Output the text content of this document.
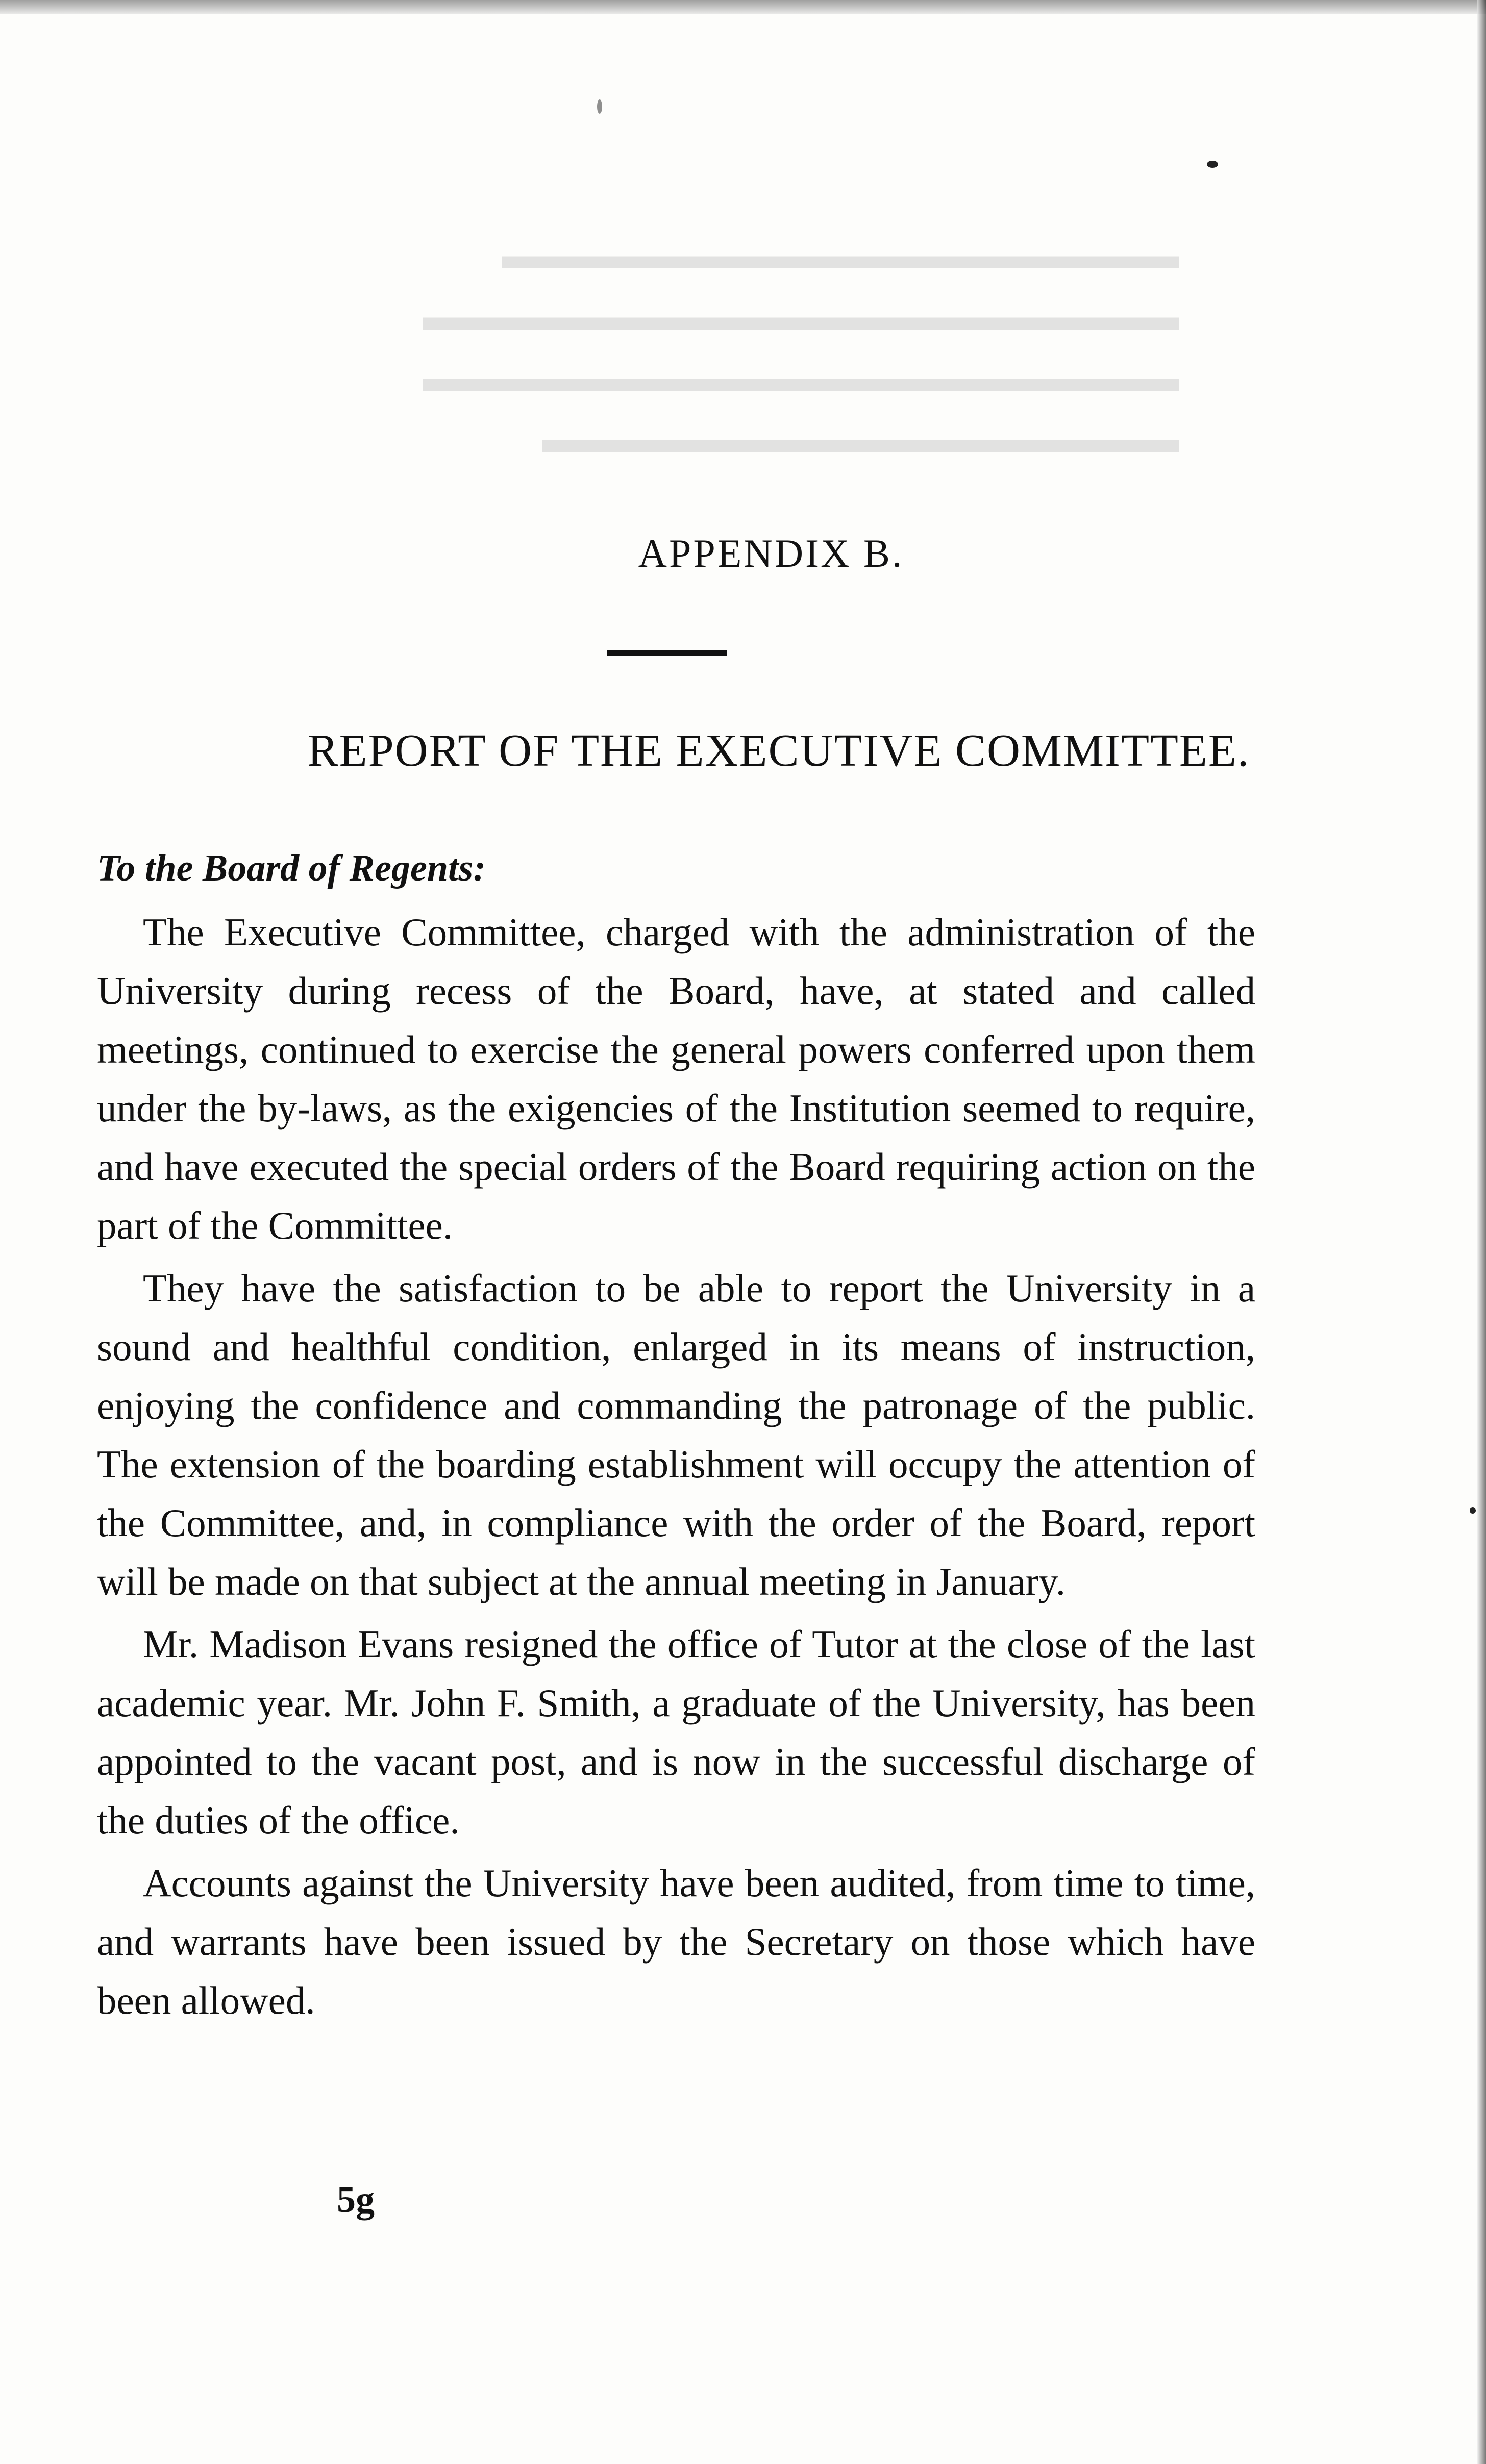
▬▬▬▬▬▬▬▬▬▬▬▬▬▬▬▬▬
▬▬▬▬▬▬▬▬▬▬▬▬▬▬▬▬▬▬▬
▬▬▬▬▬▬▬▬▬▬▬▬▬▬▬▬▬▬▬
▬▬▬▬▬▬▬▬▬▬▬▬▬▬▬▬
APPENDIX B.
REPORT OF THE EXECUTIVE COMMITTEE.
To the Board of Regents:

The Executive Committee, charged with the administration of the University during recess of the Board, have, at stated and called meetings, continued to exercise the general powers conferred upon them under the by-laws, as the exigencies of the Institution seemed to require, and have executed the special orders of the Board requiring action on the part of the Committee.

They have the satisfaction to be able to report the University in a sound and healthful condition, enlarged in its means of instruction, enjoying the confidence and commanding the patronage of the public. The extension of the boarding establishment will occupy the attention of the Committee, and, in compliance with the order of the Board, report will be made on that subject at the annual meeting in January.

Mr. Madison Evans resigned the office of Tutor at the close of the last academic year. Mr. John F. Smith, a graduate of the University, has been appointed to the vacant post, and is now in the successful discharge of the duties of the office.

Accounts against the University have been audited, from time to time, and warrants have been issued by the Secretary on those which have been allowed.

5g
